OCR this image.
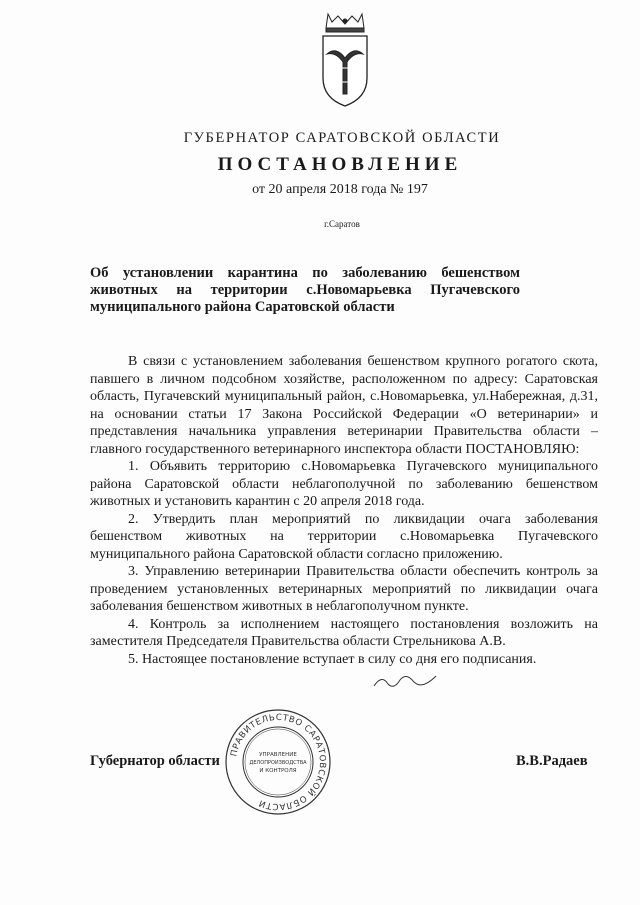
ГУБЕРНАТОР САРАТОВСКОЙ ОБЛАСТИ
ПОСТАНОВЛЕНИЕ
от 20 апреля 2018 года № 197
г.Саратов
Об установлении карантина по заболеванию бешенством
животных на территории с.Новомарьевка Пугачевского
муниципального района Саратовской области

В связи с установлением заболевания бешенством крупного рогатого скота, павшего в личном подсобном хозяйстве, расположенном по адресу: Саратовская область, Пугачевский муниципальный район, с.Новомарьевка, ул.Набережная, д.31, на основании статьи 17 Закона Российской Федерации «О ветеринарии» и представления начальника управления ветеринарии Правительства области – главного государственного ветеринарного инспектора области ПОСТАНОВЛЯЮ:

1. Объявить территорию с.Новомарьевка Пугачевского муниципального района Саратовской области неблагополучной по заболеванию бешенством животных и установить карантин с 20 апреля 2018 года.

2. Утвердить план мероприятий по ликвидации очага заболевания бешенством животных на территории с.Новомарьевка Пугачевского муниципального района Саратовской области согласно приложению.

3. Управлению ветеринарии Правительства области обеспечить контроль за проведением установленных ветеринарных мероприятий по ликвидации очага заболевания бешенством животных в неблагополучном пункте.

4. Контроль за исполнением настоящего постановления возложить на заместителя Председателя Правительства области Стрельникова А.В.

5. Настоящее постановление вступает в силу со дня его подписания.

ПРАВИТЕЛЬСТВО САРАТОВСКОЙ ОБЛАСТИ
УПРАВЛЕНИЕ
ДЕЛОПРОИЗВОДСТВА
И КОНТРОЛЯ
Губернатор области	В.В.Радаев
